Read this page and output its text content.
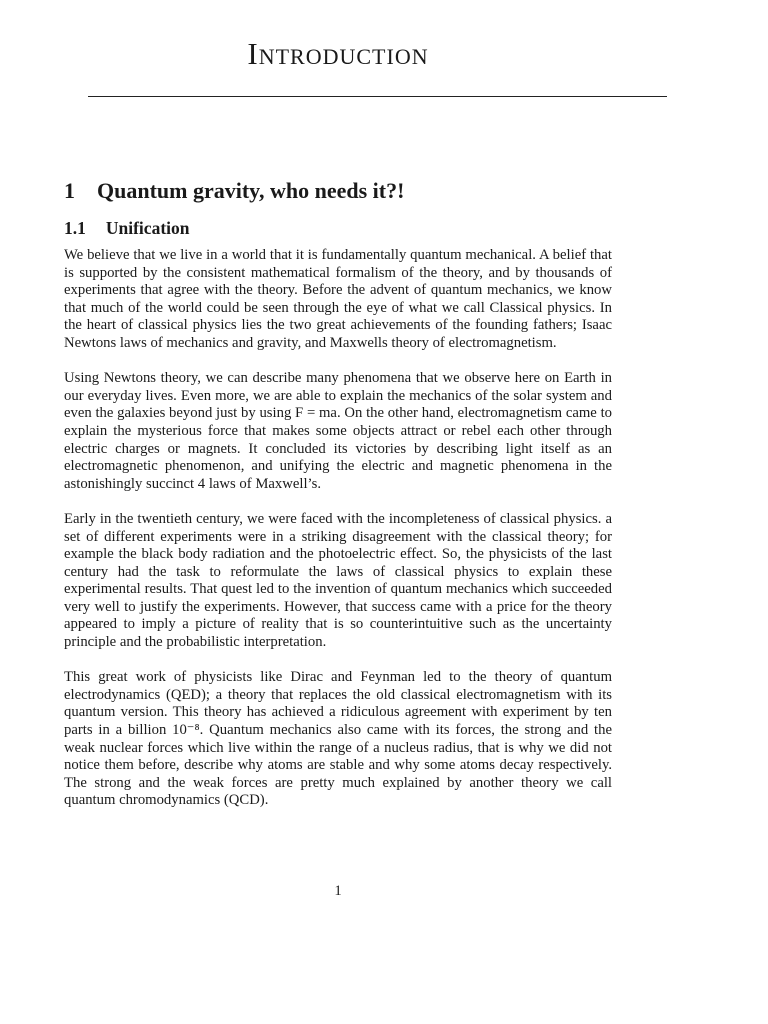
Introduction
1 Quantum gravity, who needs it?!
1.1 Unification

We believe that we live in a world that it is fundamentally quantum mechanical. A belief that is supported by the consistent mathematical formalism of the theory, and by thousands of experiments that agree with the theory. Before the advent of quantum mechanics, we know that much of the world could be seen through the eye of what we call Classical physics. In the heart of classical physics lies the two great achievements of the founding fathers; Isaac Newtons laws of mechanics and gravity, and Maxwells theory of electromagnetism.

Using Newtons theory, we can describe many phenomena that we observe here on Earth in our everyday lives. Even more, we are able to explain the mechanics of the solar system and even the galaxies beyond just by using F = ma. On the other hand, electromagnetism came to explain the mysterious force that makes some objects attract or rebel each other through electric charges or magnets. It concluded its victories by describing light itself as an electromagnetic phenomenon, and unifying the electric and magnetic phenomena in the astonishingly succinct 4 laws of Maxwell’s.

Early in the twentieth century, we were faced with the incompleteness of classical physics. a set of different experiments were in a striking disagreement with the classical theory; for example the black body radiation and the photoelectric effect. So, the physicists of the last century had the task to reformulate the laws of classical physics to explain these experimental results. That quest led to the invention of quantum mechanics which succeeded very well to justify the experiments. However, that success came with a price for the theory appeared to imply a picture of reality that is so counterintuitive such as the uncertainty principle and the probabilistic interpretation.

This great work of physicists like Dirac and Feynman led to the theory of quantum electrodynamics (QED); a theory that replaces the old classical electromagnetism with its quantum version. This theory has achieved a ridiculous agreement with experiment by ten parts in a billion 10⁻⁸. Quantum mechanics also came with its forces, the strong and the weak nuclear forces which live within the range of a nucleus radius, that is why we did not notice them before, describe why atoms are stable and why some atoms decay respectively. The strong and the weak forces are pretty much explained by another theory we call quantum chromodynamics (QCD).

1
